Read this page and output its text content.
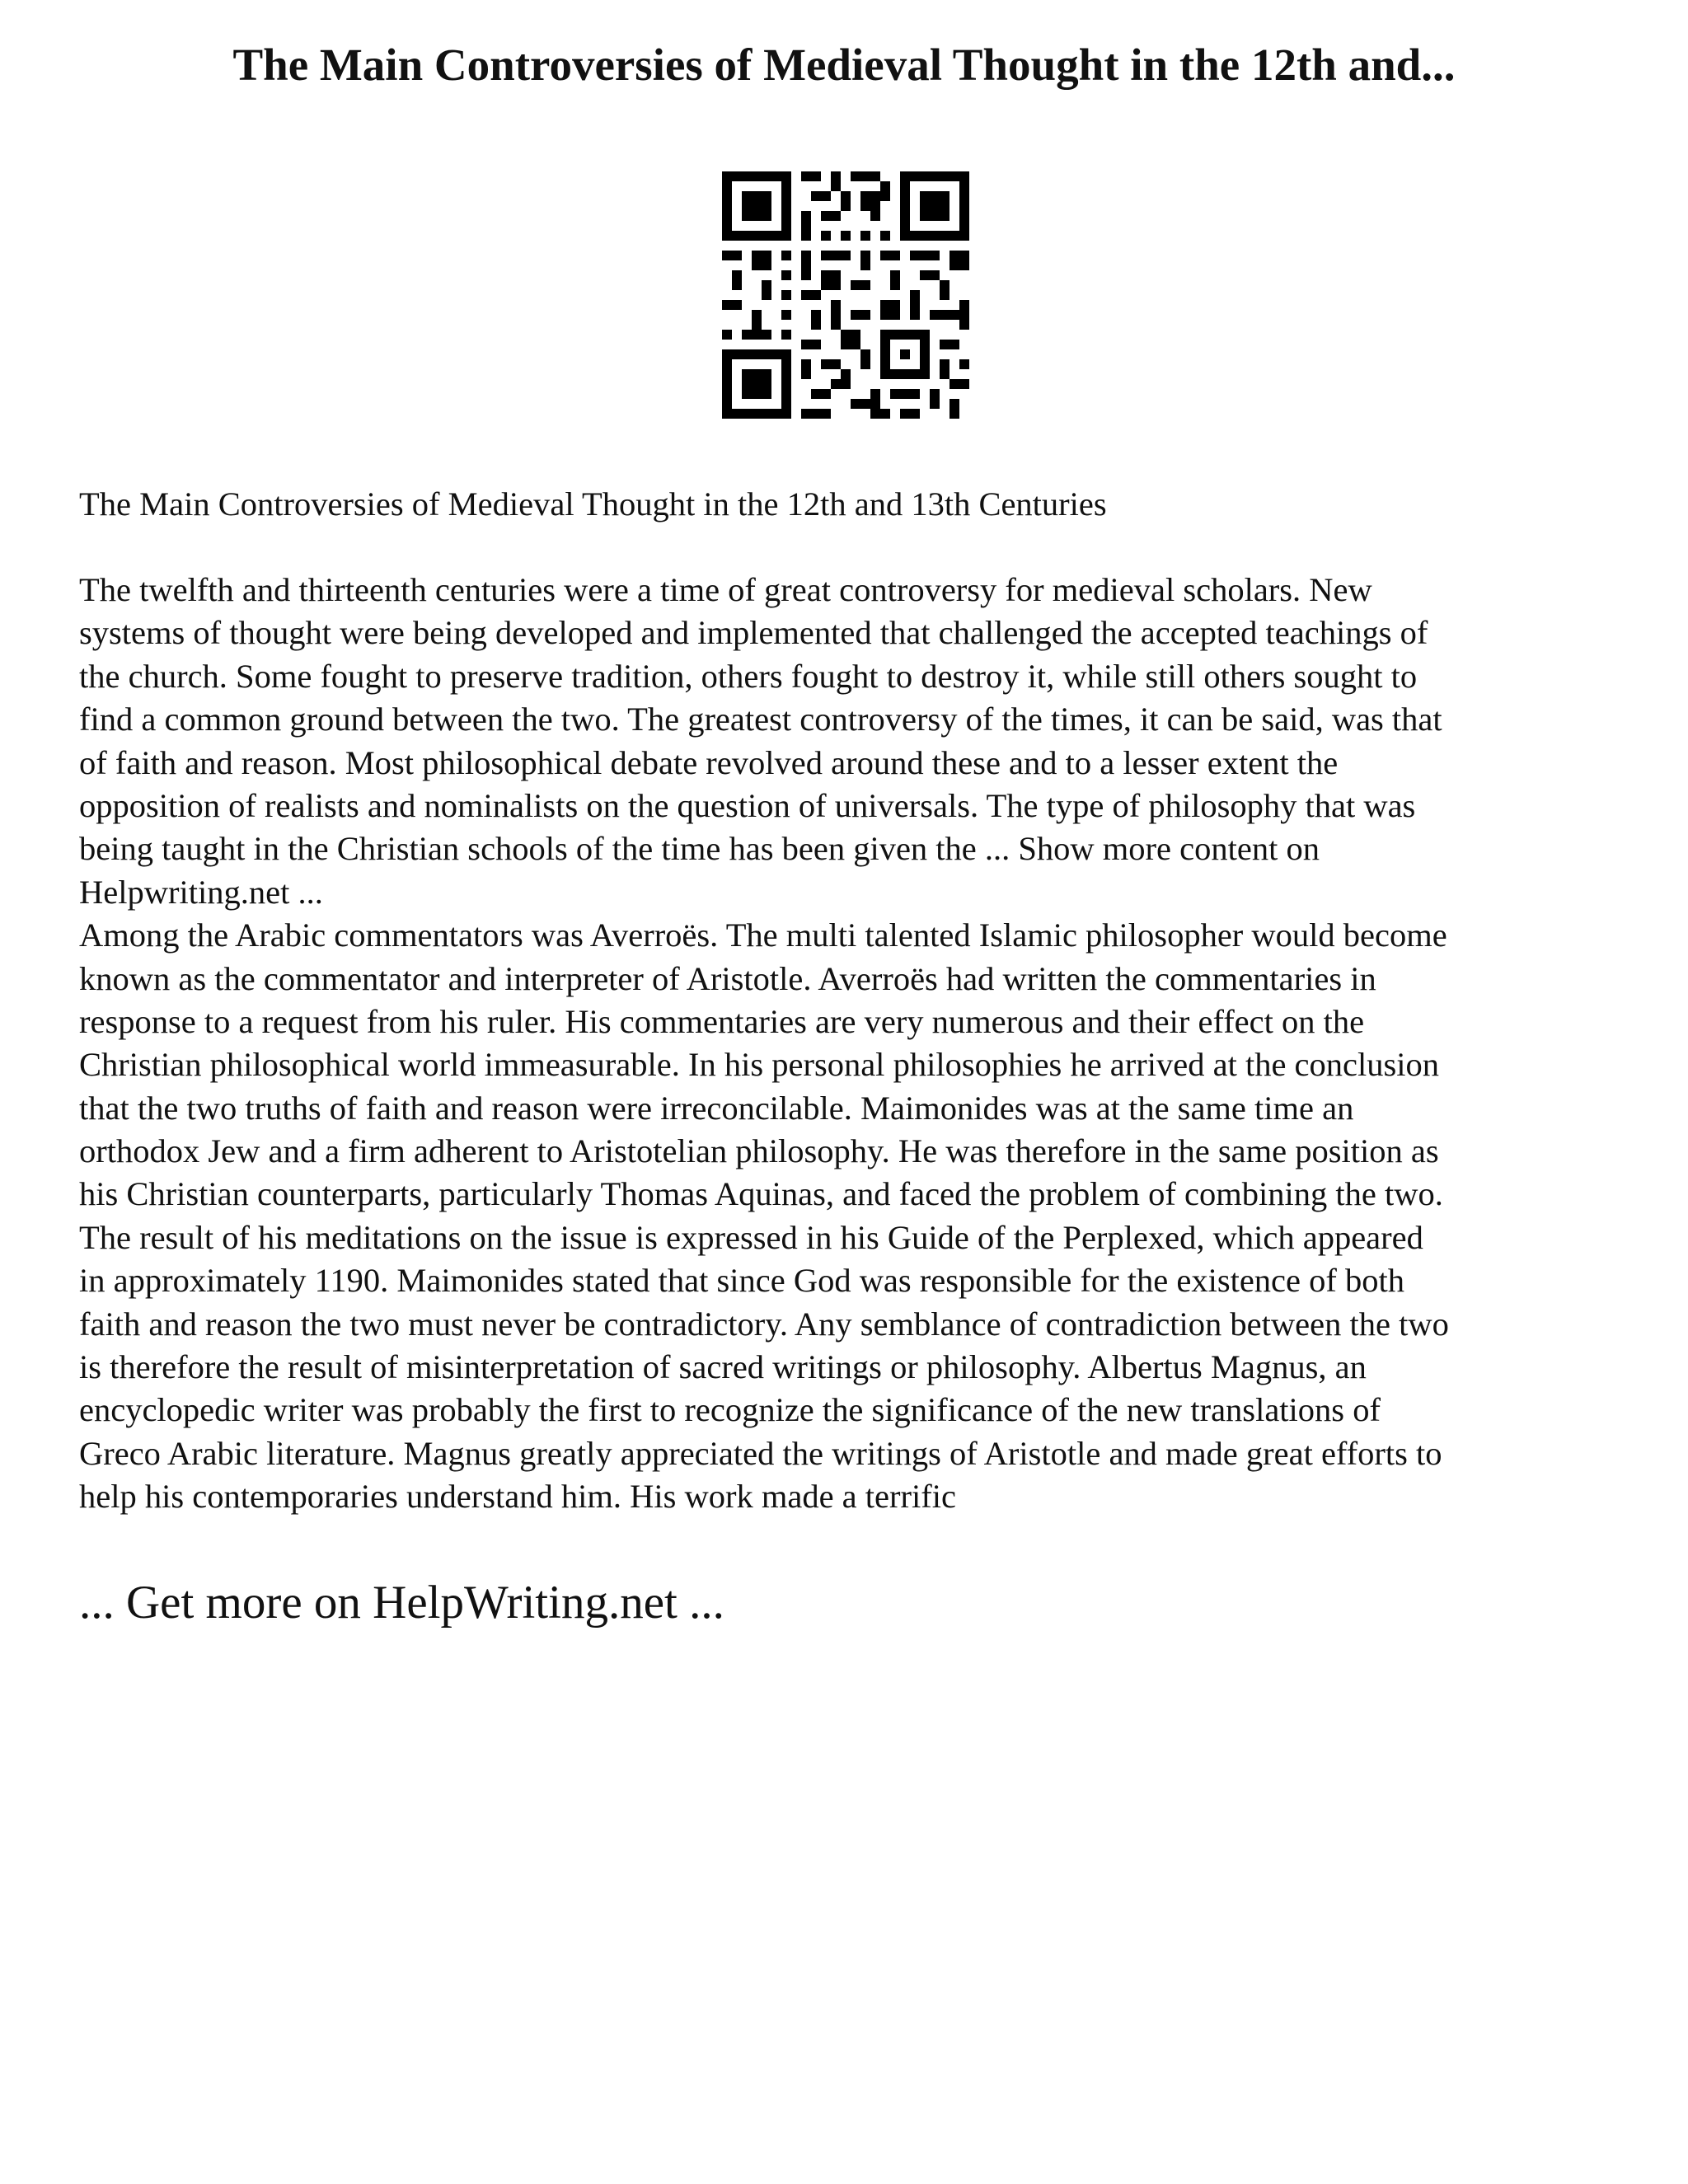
The Main Controversies of Medieval Thought in the 12th and...

The Main Controversies of Medieval Thought in the 12th and 13th Centuries

The twelfth and thirteenth centuries were a time of great controversy for medieval scholars. New
systems of thought were being developed and implemented that challenged the accepted teachings of
the church. Some fought to preserve tradition, others fought to destroy it, while still others sought to
find a common ground between the two. The greatest controversy of the times, it can be said, was that
of faith and reason. Most philosophical debate revolved around these and to a lesser extent the
opposition of realists and nominalists on the question of universals. The type of philosophy that was
being taught in the Christian schools of the time has been given the ... Show more content on
Helpwriting.net ...
Among the Arabic commentators was Averroës. The multi talented Islamic philosopher would become
known as the commentator and interpreter of Aristotle. Averroës had written the commentaries in
response to a request from his ruler. His commentaries are very numerous and their effect on the
Christian philosophical world immeasurable. In his personal philosophies he arrived at the conclusion
that the two truths of faith and reason were irreconcilable. Maimonides was at the same time an
orthodox Jew and a firm adherent to Aristotelian philosophy. He was therefore in the same position as
his Christian counterparts, particularly Thomas Aquinas, and faced the problem of combining the two.
The result of his meditations on the issue is expressed in his Guide of the Perplexed, which appeared
in approximately 1190. Maimonides stated that since God was responsible for the existence of both
faith and reason the two must never be contradictory. Any semblance of contradiction between the two
is therefore the result of misinterpretation of sacred writings or philosophy. Albertus Magnus, an
encyclopedic writer was probably the first to recognize the significance of the new translations of
Greco Arabic literature. Magnus greatly appreciated the writings of Aristotle and made great efforts to
help his contemporaries understand him. His work made a terrific
... Get more on HelpWriting.net ...
